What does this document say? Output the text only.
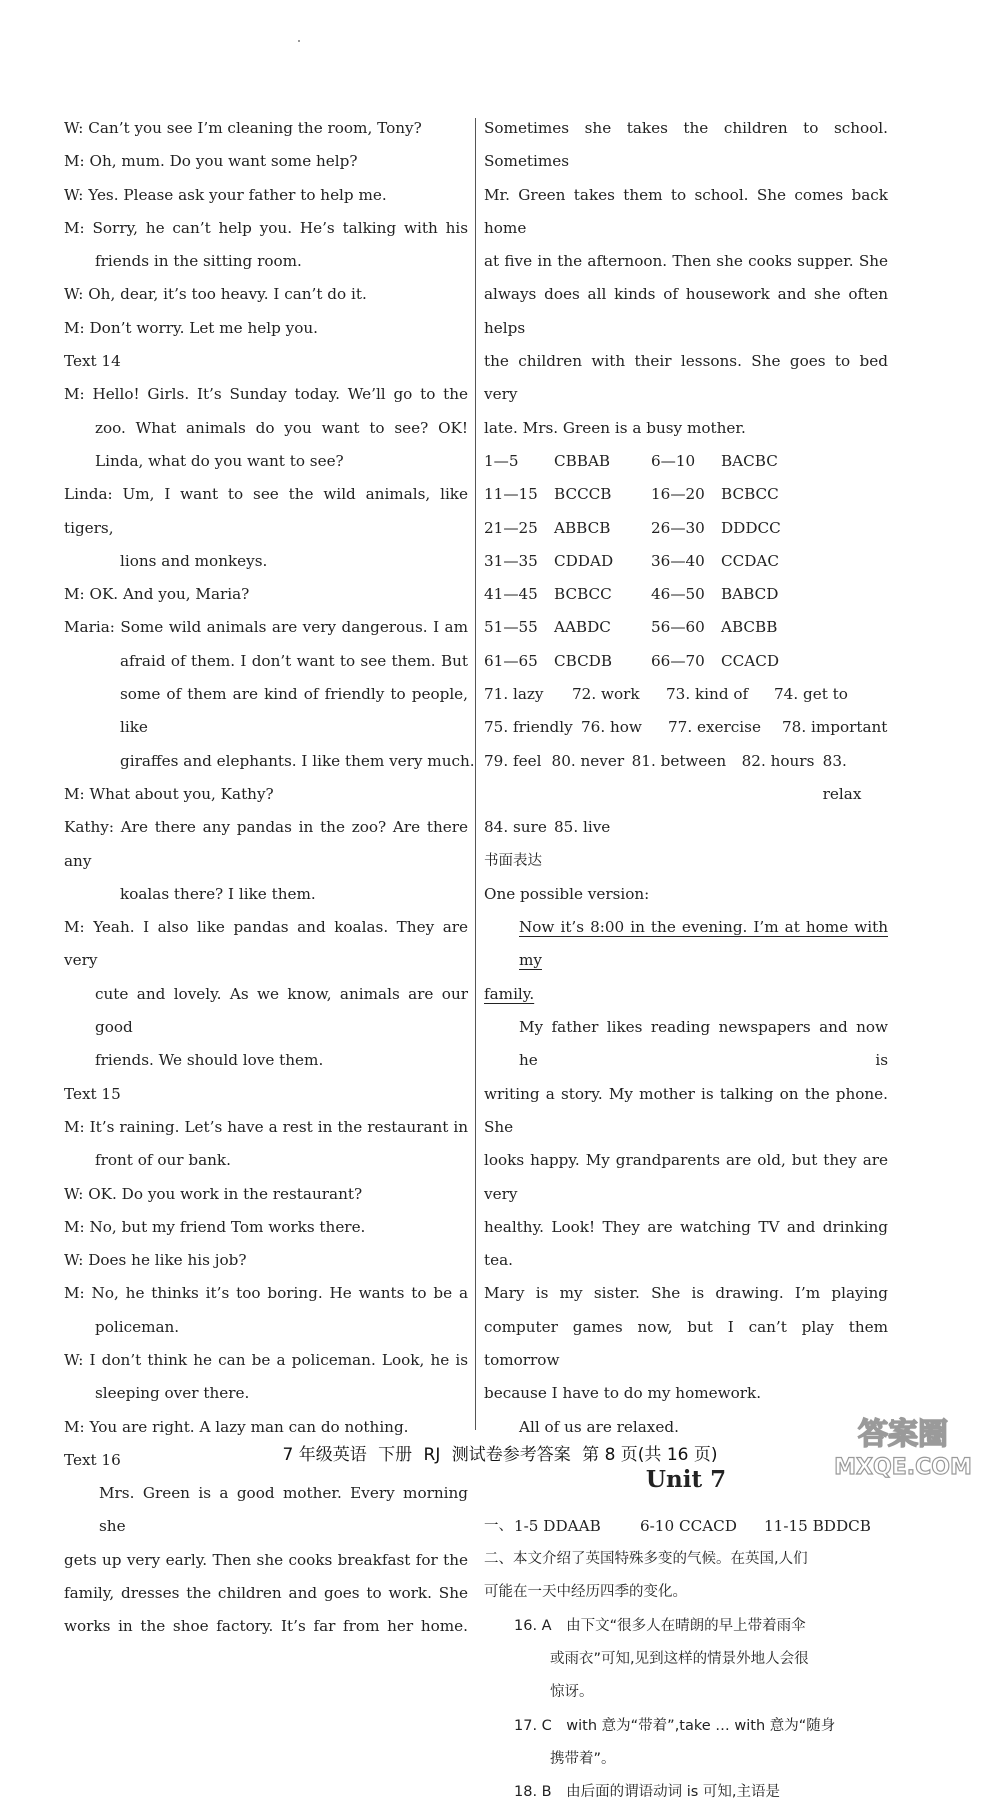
W: Can’t you see I’m cleaning the room, Tony?
M: Oh, mum. Do you want some help?
W: Yes. Please ask your father to help me.
M: Sorry, he can’t help you. He’s talking with his
friends in the sitting room.
W: Oh, dear, it’s too heavy. I can’t do it.
M: Don’t worry. Let me help you.
Text 14
M: Hello! Girls. It’s Sunday today. We’ll go to the
zoo. What animals do you want to see? OK!
Linda, what do you want to see?
Linda: Um, I want to see the wild animals, like tigers,
lions and monkeys.
M: OK. And you, Maria?
Maria: Some wild animals are very dangerous. I am
afraid of them. I don’t want to see them. But
some of them are kind of friendly to people, like
giraffes and elephants. I like them very much.
M: What about you, Kathy?
Kathy: Are there any pandas in the zoo? Are there any
koalas there? I like them.
M: Yeah. I also like pandas and koalas. They are very
cute and lovely. As we know, animals are our good
friends. We should love them.
Text 15
M: It’s raining. Let’s have a rest in the restaurant in
front of our bank.
W: OK. Do you work in the restaurant?
M: No, but my friend Tom works there.
W: Does he like his job?
M: No, he thinks it’s too boring. He wants to be a
policeman.
W: I don’t think he can be a policeman. Look, he is
sleeping over there.
M: You are right. A lazy man can do nothing.
Text 16
Mrs. Green is a good mother. Every morning she
gets up very early. Then she cooks breakfast for the
family, dresses the children and goes to work. She
works in the shoe factory. It’s far from her home.
Sometimes she takes the children to school. Sometimes
Mr. Green takes them to school. She comes back home
at five in the afternoon. Then she cooks supper. She
always does all kinds of housework and she often helps
the children with their lessons. She goes to bed very
late. Mrs. Green is a busy mother.
1—5 CBBAB	6—10 BACBC
11—15 BCCCB	16—20 BCBCC
21—25 ABBCB	26—30 DDDCC
31—35 CDDAD	36—40 CCDAC
41—45 BCBCC	46—50 BABCD
51—55 AABDC	56—60 ABCBB
61—65 CBCDB	66—70 CCACD
71. lazy	72. work	73. kind of	74. get to
75. friendly 76. how	77. exercise	78. important
79. feel 80. never 81. between	82. hours 83. relax
84. sure 85. live
书面表达
One possible version:
Now it’s 8:00 in the evening. I’m at home with my
family.
My father likes reading newspapers and now he is
writing a story. My mother is talking on the phone. She
looks happy. My grandparents are old, but they are very
healthy. Look! They are watching TV and drinking tea.
Mary is my sister. She is drawing. I’m playing
computer games now, but I can’t play them tomorrow
because I have to do my homework.
All of us are relaxed.
Unit 7
一、 1-5 DDAAB	6-10 CCACD	11-15 BDDCB
二、本文介绍了英国特殊多变的气候。在英国,人们
可能在一天中经历四季的变化。
16. A　由下文“很多人在晴朗的早上带着雨伞
或雨衣”可知,见到这样的情景外地人会很
惊讶。
17. C　with 意为“带着”,take … with 意为“随身
携带着”。
18. B　由后面的谓语动词 is 可知,主语是
7 年级英语 下册 RJ 测试卷参考答案 第 8 页(共 16 页)
答案圈
MXQE.COM
